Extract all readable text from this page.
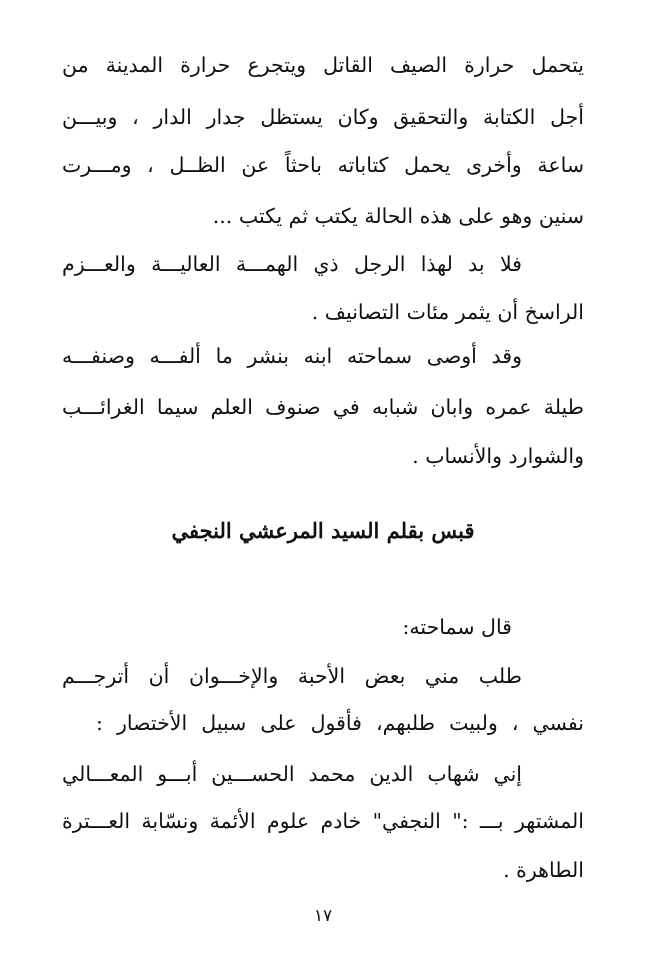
يتحمل حرارة الصيف القاتل ويتجرع حرارة المدينة من
أجل الكتابة والتحقيق وكان يستظل جدار الدار ، وبيـــن
ساعة وأخرى يحمل كتاباته باحثاً عن الظــل ، ومـــرت
سنين وهو على هذه الحالة يكتب ثم يكتب ...
فلا بد لهذا الرجل ذي الهمـــة العاليـــة والعـــزم
الراسخ أن يثمر مئات التصانيف .
وقد أوصى سماحته ابنه بنشر ما ألفـــه وصنفـــه
طيلة عمره وابان شبابه في صنوف العلم سيما الغرائـــب
والشوارد والأنساب .
قبس بقلم السيد المرعشي النجفي
قال سماحته:
طلب مني بعض الأحبة والإخـــوان أن أترجـــم
نفسي ، ولبيت طلبهم، فأقول على سبيل الأختصار :
إني شهاب الدين محمد الحســـين أبـــو المعـــالي
المشتهر بـــ :" النجفي" خادم علوم الأئمة ونسّابة العـــترة
الطاهرة .
١٧
